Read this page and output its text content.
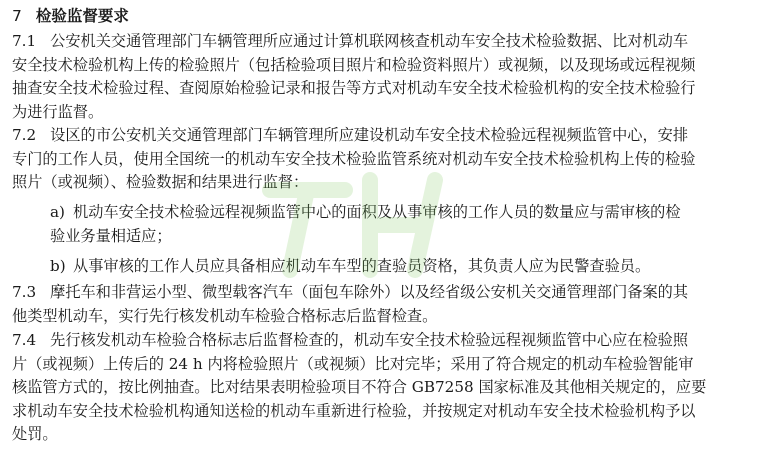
7 检验监督要求
7.1 公安机关交通管理部门车辆管理所应通过计算机联网核查机动车安全技术检验数据、比对机动车
安全技术检验机构上传的检验照片（包括检验项目照片和检验资料照片）或视频，以及现场或远程视频
抽查安全技术检验过程、查阅原始检验记录和报告等方式对机动车安全技术检验机构的安全技术检验行
为进行监督。
7.2 设区的市公安机关交通管理部门车辆管理所应建设机动车安全技术检验远程视频监管中心，安排
专门的工作人员，使用全国统一的机动车安全技术检验监管系统对机动车安全技术检验机构上传的检验
照片（或视频）、检验数据和结果进行监督：
a) 机动车安全技术检验远程视频监管中心的面积及从事审核的工作人员的数量应与需审核的检
验业务量相适应；
b) 从事审核的工作人员应具备相应机动车车型的查验员资格，其负责人应为民警查验员。
7.3 摩托车和非营运小型、微型载客汽车（面包车除外）以及经省级公安机关交通管理部门备案的其
他类型机动车，实行先行核发机动车检验合格标志后监督检查。
7.4 先行核发机动车检验合格标志后监督检查的，机动车安全技术检验远程视频监管中心应在检验照
片（或视频）上传后的 24 h 内将检验照片（或视频）比对完毕；采用了符合规定的机动车检验智能审
核监管方式的，按比例抽查。比对结果表明检验项目不符合 GB7258 国家标准及其他相关规定的，应要
求机动车安全技术检验机构通知送检的机动车重新进行检验，并按规定对机动车安全技术检验机构予以
处罚。
